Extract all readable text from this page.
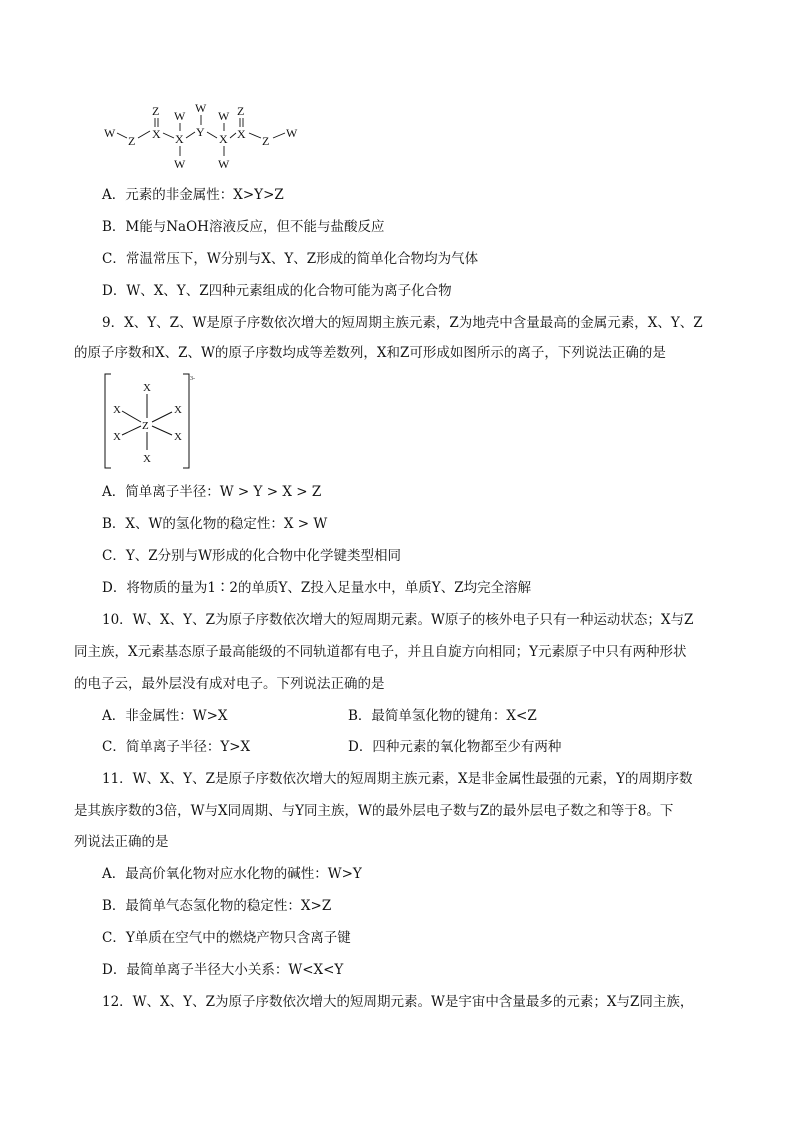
W
Z
Z
X
W
X
W
W
Y
W
X
W
Z
X Z
W
A．元素的非金属性：X>Y>Z
B．M能与NaOH溶液反应，但不能与盐酸反应
C．常温常压下，W分别与X、Y、Z形成的简单化合物均为气体
D．W、X、Y、Z四种元素组成的化合物可能为离子化合物
9．X、Y、Z、W是原子序数依次增大的短周期主族元素，Z为地壳中含量最高的金属元素，X、Y、Z
的原子序数和X、Z、W的原子序数均成等差数列，X和Z可形成如图所示的离子，下列说法正确的是
X
X	X
Z
X	X
X
3-
A．简单离子半径：W > Y > X > Z
B．X、W的氢化物的稳定性：X > W
C．Y、Z分别与W形成的化合物中化学键类型相同
D．将物质的量为1∶2的单质Y、Z投入足量水中，单质Y、Z均完全溶解
10．W、X、Y、Z为原子序数依次增大的短周期元素。W原子的核外电子只有一种运动状态；X与Z
同主族，X元素基态原子最高能级的不同轨道都有电子，并且自旋方向相同；Y元素原子中只有两种形状
的电子云，最外层没有成对电子。下列说法正确的是
A．非金属性：W>X	B．最简单氢化物的键角：X<Z
C．简单离子半径：Y>X	D．四种元素的氧化物都至少有两种
11．W、X、Y、Z是原子序数依次增大的短周期主族元素，X是非金属性最强的元素，Y的周期序数
是其族序数的3倍，W与X同周期、与Y同主族，W的最外层电子数与Z的最外层电子数之和等于8。下
列说法正确的是
A．最高价氧化物对应水化物的碱性：W>Y
B．最简单气态氢化物的稳定性：X>Z
C．Y单质在空气中的燃烧产物只含离子键
D．最简单离子半径大小关系：W<X<Y
12．W、X、Y、Z为原子序数依次增大的短周期元素。W是宇宙中含量最多的元素；X与Z同主族，
